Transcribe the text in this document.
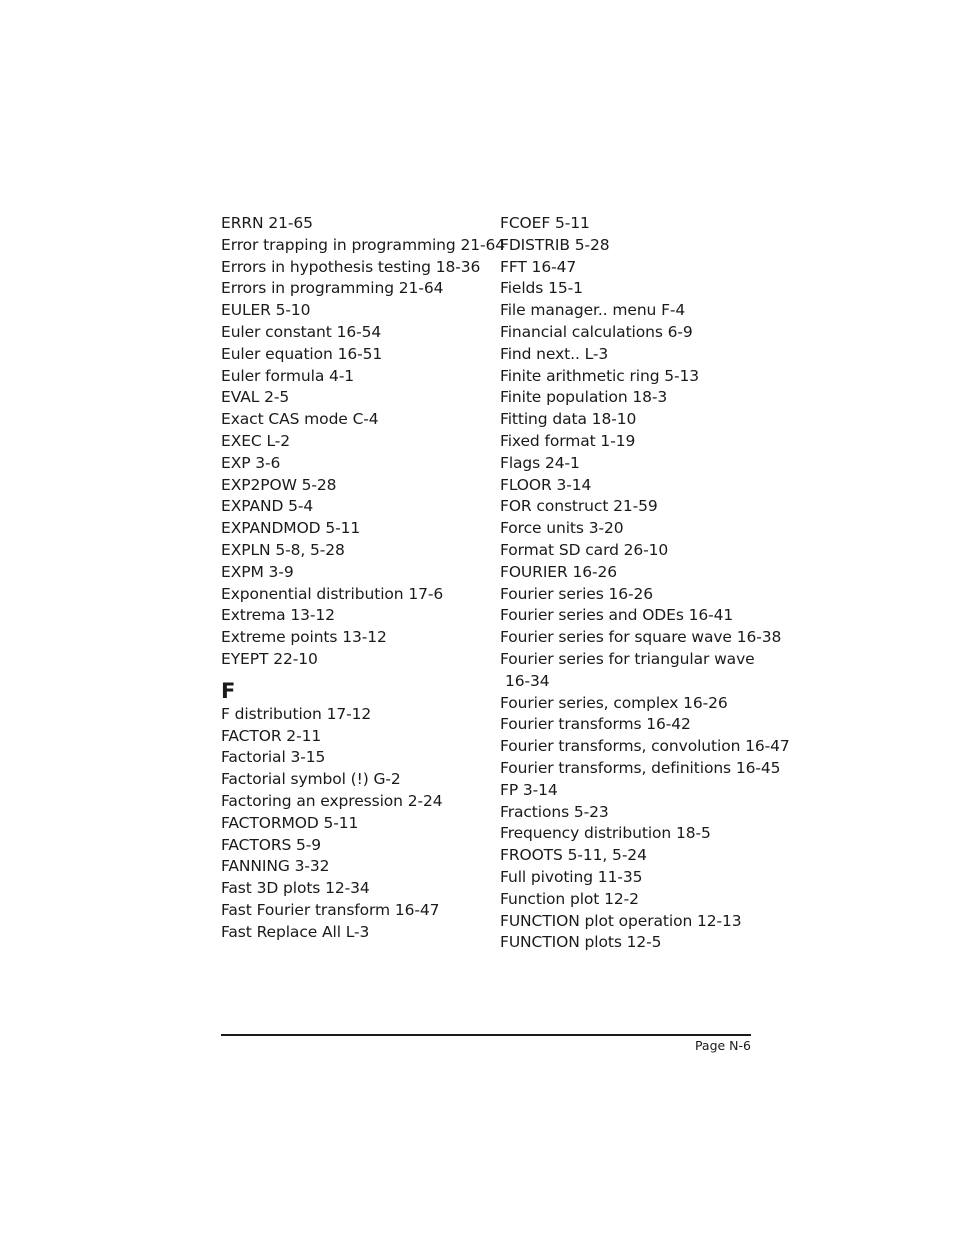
ERRN 21-65
Error trapping in programming 21-64
Errors in hypothesis testing 18-36
Errors in programming 21-64
EULER 5-10
Euler constant 16-54
Euler equation 16-51
Euler formula 4-1
EVAL 2-5
Exact CAS mode C-4
EXEC L-2
EXP 3-6
EXP2POW 5-28
EXPAND 5-4
EXPANDMOD 5-11
EXPLN 5-8, 5-28
EXPM 3-9
Exponential distribution 17-6
Extrema 13-12
Extreme points 13-12
EYEPT 22-10
F
F distribution 17-12
FACTOR 2-11
Factorial 3-15
Factorial symbol (!) G-2
Factoring an expression 2-24
FACTORMOD 5-11
FACTORS 5-9
FANNING 3-32
Fast 3D plots 12-34
Fast Fourier transform 16-47
Fast Replace All L-3
FCOEF 5-11
FDISTRIB 5-28
FFT 16-47
Fields 15-1
File manager.. menu F-4
Financial calculations 6-9
Find next.. L-3
Finite arithmetic ring 5-13
Finite population 18-3
Fitting data 18-10
Fixed format 1-19
Flags 24-1
FLOOR 3-14
FOR construct 21-59
Force units 3-20
Format SD card 26-10
FOURIER 16-26
Fourier series 16-26
Fourier series and ODEs 16-41
Fourier series for square wave 16-38
Fourier series for triangular wave
16-34
Fourier series, complex 16-26
Fourier transforms 16-42
Fourier transforms, convolution 16-47
Fourier transforms, definitions 16-45
FP 3-14
Fractions 5-23
Frequency distribution 18-5
FROOTS 5-11, 5-24
Full pivoting 11-35
Function plot 12-2
FUNCTION plot operation 12-13
FUNCTION plots 12-5
Page N-6
